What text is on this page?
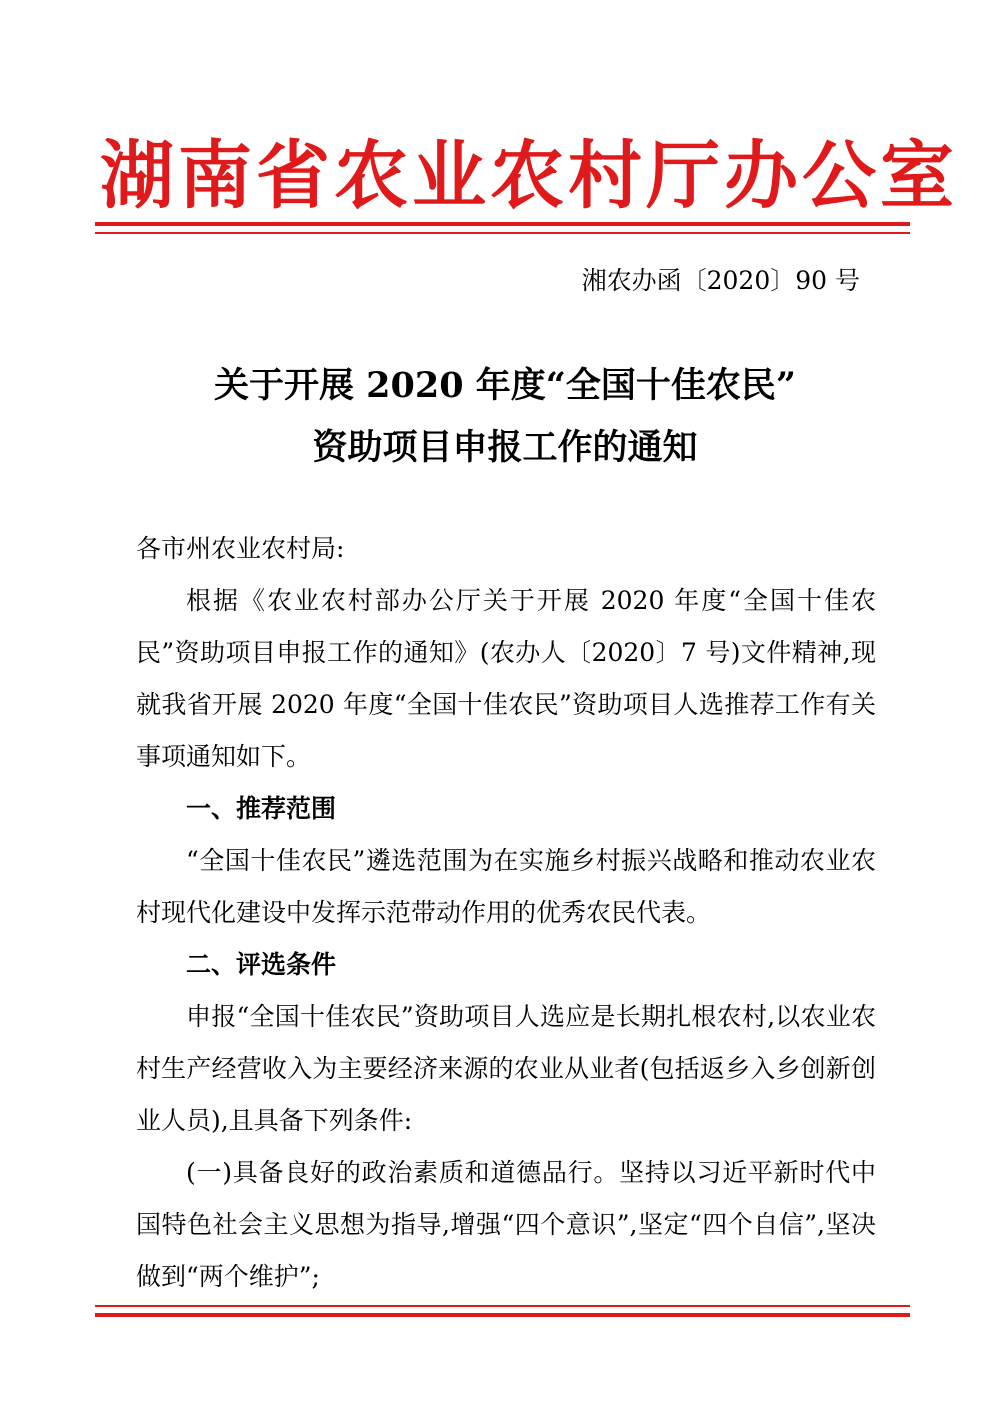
湖南省农业农村厅办公室
湘农办函〔2020〕90 号
关于开展 2020 年度“全国十佳农民”
资助项目申报工作的通知

各市州农业农村局:

根据《农业农村部办公厅关于开展 2020 年度“全国十佳农民”资助项目申报工作的通知》(农办人〔2020〕7 号)文件精神,现就我省开展 2020 年度“全国十佳农民”资助项目人选推荐工作有关事项通知如下。

一、推荐范围

“全国十佳农民”遴选范围为在实施乡村振兴战略和推动农业农村现代化建设中发挥示范带动作用的优秀农民代表。

二、评选条件

申报“全国十佳农民”资助项目人选应是长期扎根农村,以农业农村生产经营收入为主要经济来源的农业从业者(包括返乡入乡创新创业人员),且具备下列条件:

(一)具备良好的政治素质和道德品行。坚持以习近平新时代中国特色社会主义思想为指导,增强“四个意识”,坚定“四个自信”,坚决做到“两个维护”;
